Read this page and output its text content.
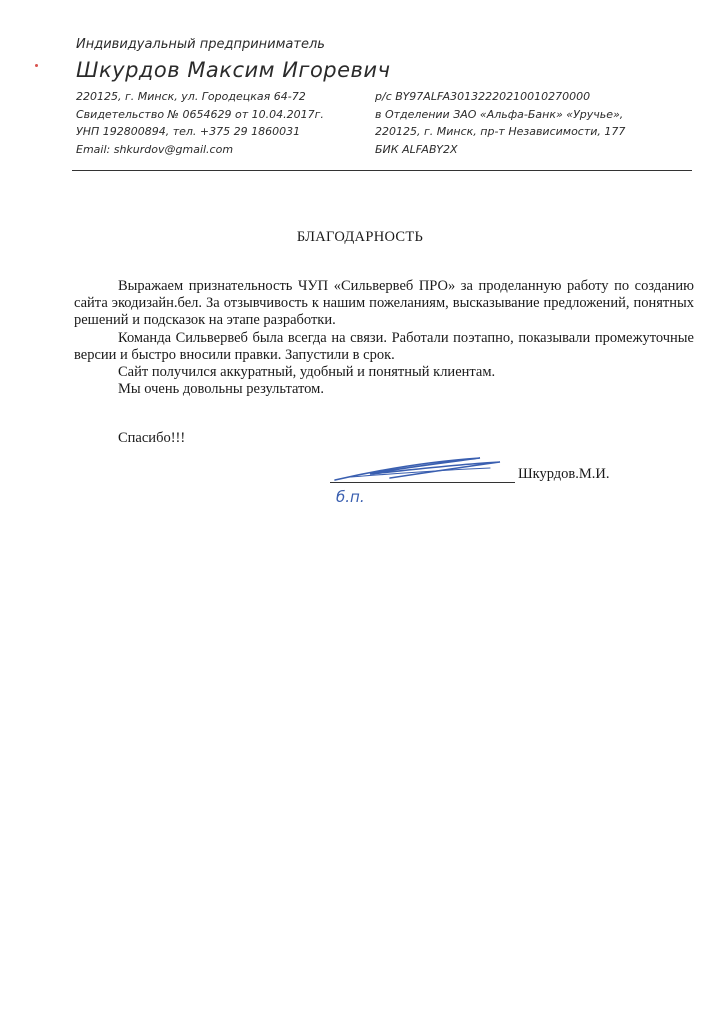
Индивидуальный предприниматель
Шкурдов Максим Игоревич
220125, г. Минск, ул. Городецкая 64-72
Свидетельство № 0654629 от 10.04.2017г.
УНП 192800894, тел. +375 29 1860031
Email: shkurdov@gmail.com
р/с BY97ALFA30132220210010270000
в Отделении ЗАО «Альфа-Банк» «Уручье»,
220125, г. Минск, пр-т Независимости, 177
БИК ALFABY2X
БЛАГОДАРНОСТЬ

Выражаем признательность ЧУП «Сильвервеб ПРО» за проделанную работу по созданию сайта экодизайн.бел. За отзывчивость к нашим пожеланиям, высказывание предложений, понятных решений и подсказок на этапе разработки.

Команда Сильвервеб была всегда на связи. Работали поэтапно, показывали промежуточные версии и быстро вносили правки. Запустили в срок.

Сайт получился аккуратный, удобный и понятный клиентам.

Мы очень довольны результатом.

Спасибо!!!
б.п.
Шкурдов.М.И.
